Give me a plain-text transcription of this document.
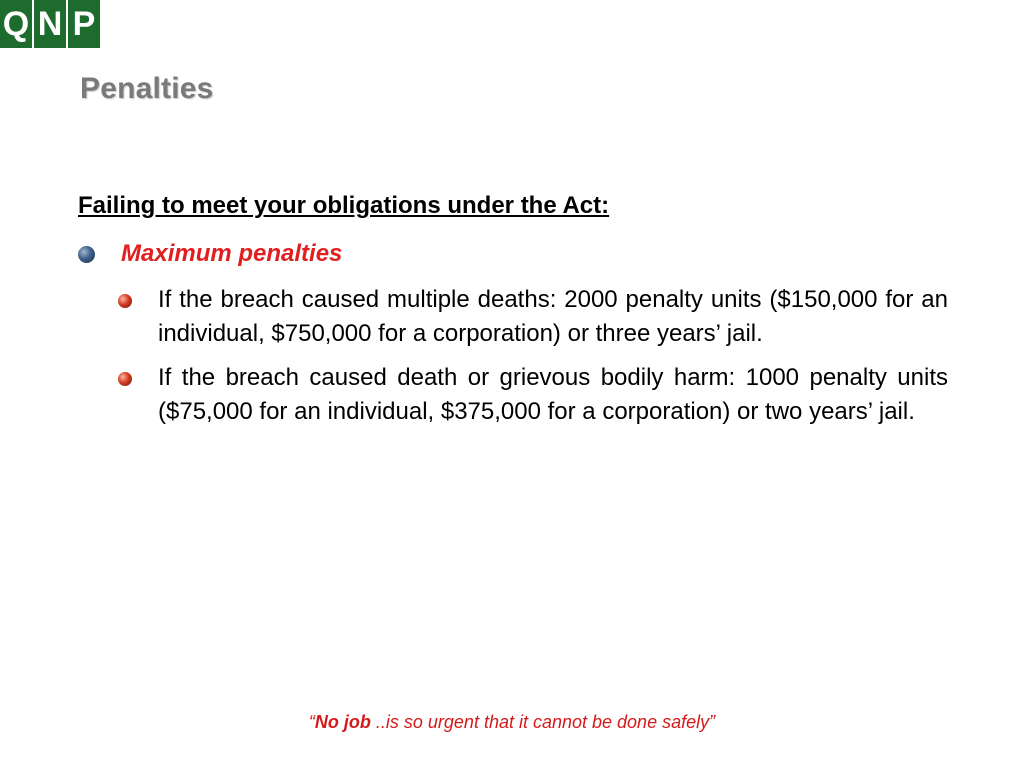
Q N P
Penalties
Failing to meet your obligations under the Act:
Maximum penalties
If the breach caused multiple deaths: 2000 penalty units ($150,000 for an individual, $750,000 for a corporation) or three years’ jail.
If the breach caused death or grievous bodily harm: 1000 penalty units ($75,000 for an individual, $375,000 for a corporation) or two years’ jail.
“No job ..is so urgent that it cannot be done safely”
